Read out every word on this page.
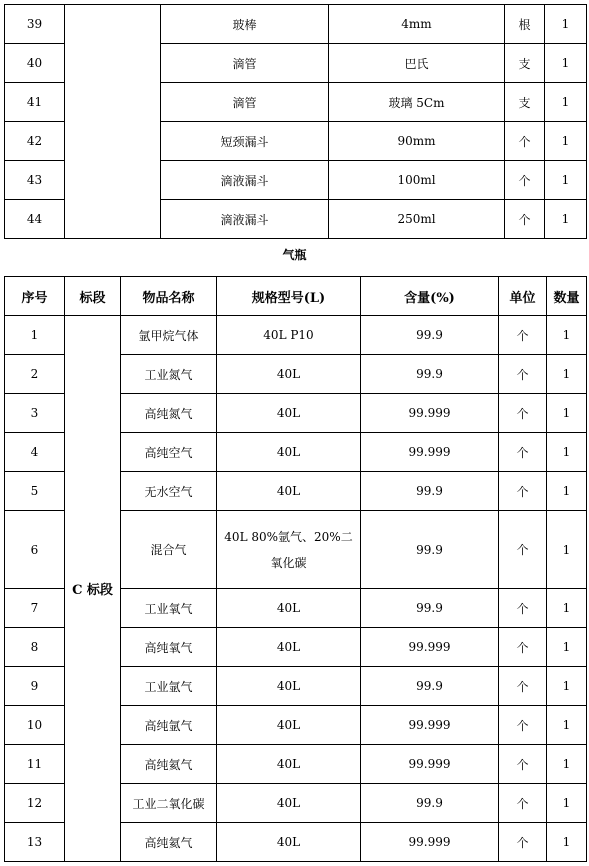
39		玻棒	4mm	根	1
40		滴管	巴氏	支	1
41		滴管	玻璃 5Cm	支	1
42		短颈漏斗	90mm	个	1
43		滴液漏斗	100ml	个	1
44		滴液漏斗	250ml	个	1
气瓶
序号	标段	物品名称	规格型号(L)	含量(%)	单位	数量
1	C 标段	氩甲烷气体	40L P10	99.9	个	1
2		工业氮气	40L	99.9	个	1
3		高纯氮气	40L	99.999	个	1
4		高纯空气	40L	99.999	个	1
5		无水空气	40L	99.9	个	1
6		混合气	40L 80%氩气、20%二氧化碳	99.9	个	1
7		工业氧气	40L	99.9	个	1
8		高纯氧气	40L	99.999	个	1
9		工业氩气	40L	99.9	个	1
10		高纯氩气	40L	99.999	个	1
11		高纯氦气	40L	99.999	个	1
12		工业二氧化碳	40L	99.9	个	1
13		高纯氦气	40L	99.999	个	1
